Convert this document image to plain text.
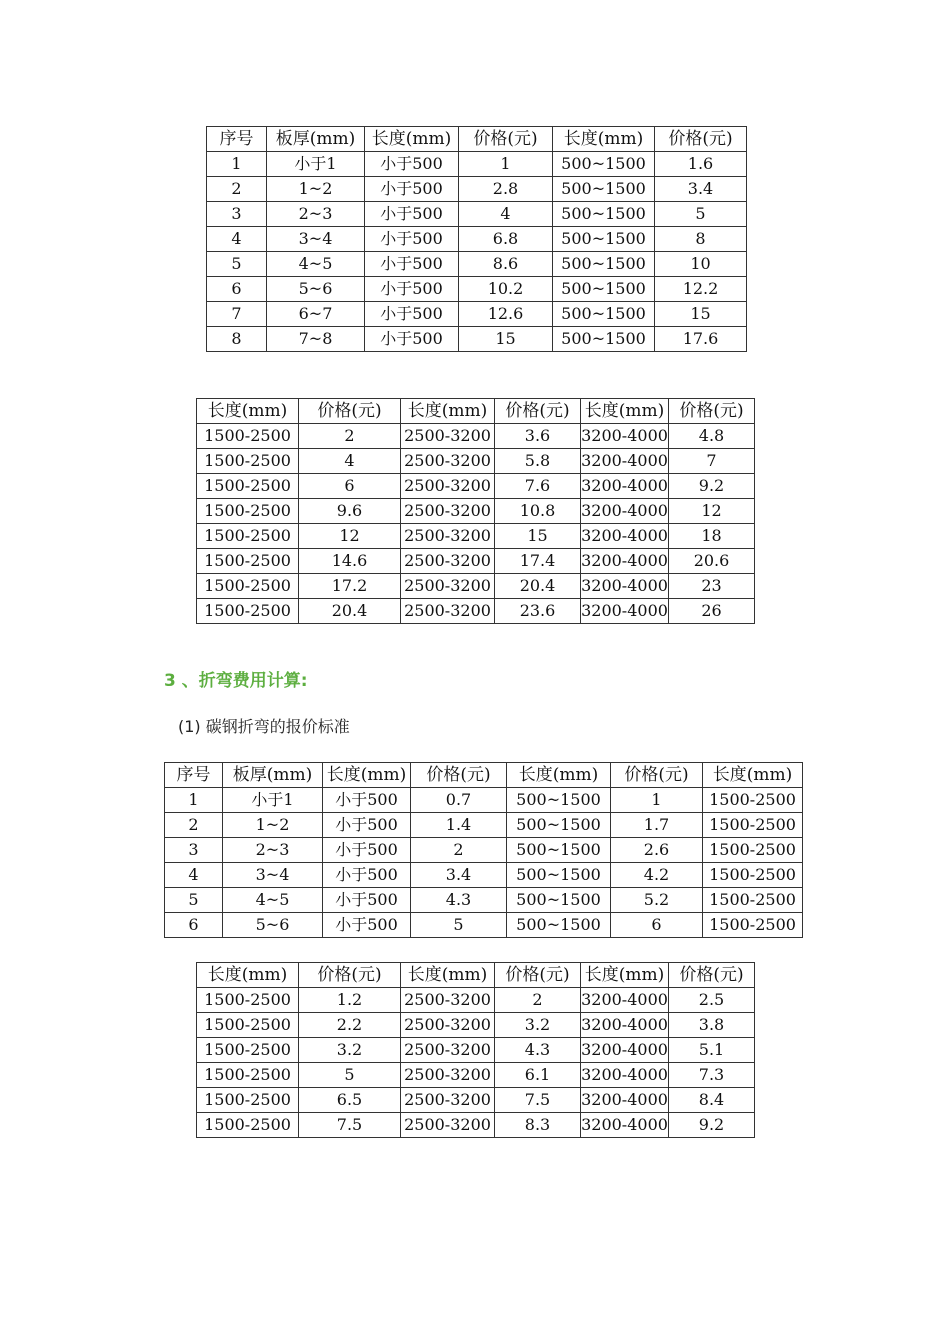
序号	板厚(mm)	长度(mm)	价格(元)	长度(mm)	价格(元)
1	小于1	小于500	1	500~1500	1.6
2	1~2	小于500	2.8	500~1500	3.4
3	2~3	小于500	4	500~1500	5
4	3~4	小于500	6.8	500~1500	8
5	4~5	小于500	8.6	500~1500	10
6	5~6	小于500	10.2	500~1500	12.2
7	6~7	小于500	12.6	500~1500	15
8	7~8	小于500	15	500~1500	17.6
长度(mm)	价格(元)	长度(mm)	价格(元)	长度(mm)	价格(元)
1500-2500	2	2500-3200	3.6	3200-4000	4.8
1500-2500	4	2500-3200	5.8	3200-4000	7
1500-2500	6	2500-3200	7.6	3200-4000	9.2
1500-2500	9.6	2500-3200	10.8	3200-4000	12
1500-2500	12	2500-3200	15	3200-4000	18
1500-2500	14.6	2500-3200	17.4	3200-4000	20.6
1500-2500	17.2	2500-3200	20.4	3200-4000	23
1500-2500	20.4	2500-3200	23.6	3200-4000	26
3 、折弯费用计算:
(1) 碳钢折弯的报价标准
序号	板厚(mm)	长度(mm)	价格(元)	长度(mm)	价格(元)	长度(mm)
1	小于1	小于500	0.7	500~1500	1	1500-2500
2	1~2	小于500	1.4	500~1500	1.7	1500-2500
3	2~3	小于500	2	500~1500	2.6	1500-2500
4	3~4	小于500	3.4	500~1500	4.2	1500-2500
5	4~5	小于500	4.3	500~1500	5.2	1500-2500
6	5~6	小于500	5	500~1500	6	1500-2500
长度(mm)	价格(元)	长度(mm)	价格(元)	长度(mm)	价格(元)
1500-2500	1.2	2500-3200	2	3200-4000	2.5
1500-2500	2.2	2500-3200	3.2	3200-4000	3.8
1500-2500	3.2	2500-3200	4.3	3200-4000	5.1
1500-2500	5	2500-3200	6.1	3200-4000	7.3
1500-2500	6.5	2500-3200	7.5	3200-4000	8.4
1500-2500	7.5	2500-3200	8.3	3200-4000	9.2
